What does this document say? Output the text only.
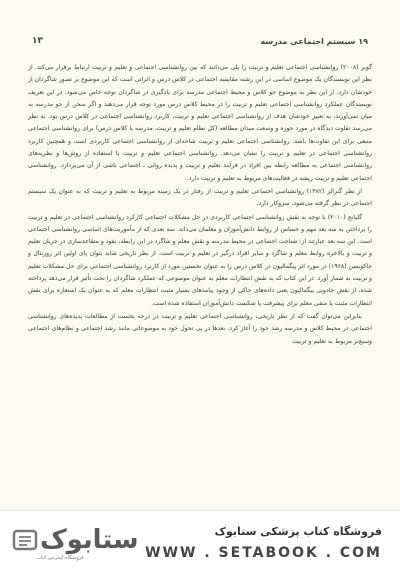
۱۹ سیستم اجتماعی مدرسه
۱۳

گوبر (۲۰۰۸) روانشناسی اجتماعی تعلیم و تربیت را پلی می‌دانند که بین روانشناسی اجتماعی و تعلیم و تربیت ارتباط برقرار می‌کند. از نظر این نویسندگان یک موضوع اساسی در این رشته مقایسه اجتماعی در کلاس درس و اثراتی است که این موضوع بر تصور شاگردان از خودشان دارد. از این نظر به موضوع جو کلاس و محیط اجتماعی مدرسه برای یادگیری در شاگردان توجه خاص می‌شود. در این تعریف نویسندگان عملکرد روانشناسی اجتماعی تعلیم و تربیت را در محیط کلاس درس مورد توجه قرار می‌دهند و اگر سخن از جو مدرسه به میان نمی‌آورند، به تعبیر خودشان هدف از روانشناسی اجتماعی تعلیم و تربیت، کاربرد روانشناسی اجتماعی در کلاس درس بود. به نظر می‌رسد تفاوت دیدگاه در مورد حوزه و وسعت میدان مطالعه (کل نظام تعلیم و تربیت، مدرسه یا کلاس درس) برای روانشناسی اجتماعی منبعی برای این تفاوت‌ها باشد. روانشناسی اجتماعی تعلیم و تربیت شاخه‌ای از روانشناسی اجتماعی کاربردی است و همچنین کاربرد روانشناسی اجتماعی در تعلیم و تربیت را نشان می‌دهد. روانشناسی اجتماعی تعلیم و تربیت با استفاده از روش‌ها و نظریه‌های روانشناسی اجتماعی به مطالعه رابطه بین افراد در فرآیند تعلیم و تربیت و پدیده روانی ـ اجتماعی ناشی از آن می‌پردازد. روانشناسی اجتماعی تعلیم و تربیت ریشه در فعالیت‌های مربوط به تعلیم و تربیت دارد.

از نظر گنزالز (۱۳۸۲) روانشناسی اجتماعی تعلیم و تربیت از رفتار در یک زمینه مربوط به تعلیم و تربیت که به عنوان یک سیستم اجتماعی در نظر گرفته می‌شود، سروکار دارد.

گلیانج (۲۰۱۰) با توجه به نقش روانشناسی اجتماعی کاربردی در حل مشکلات اجتماعی کارکرد روانشناسی اجتماعی در تعلیم و تربیت را پرداختن به سه بعد مهم و حساس از روابط دانش‌آموزان و معلمان می‌داند. سه بعدی که از مأموریت‌های اساسی روانشناسی اجتماعی است. این سه بعد عبارتند از: شناخت اجتماعی در محیط مدرسه و نقش معلم و شاگرد در این رابطه، نفوذ و متقاعدسازی در جریان تعلیم و تربیت و بالاخره روابط معلم و شاگرد و سایر افراد درگیر در تعلیم و تربیت است. از نظر تاریخی شاید بتوان پای اولین اثر روزنتال و جاکوبسن (۱۹۶۸) در مورد اثر پیگمالیون در کلاس درس را به عنوان نخستین مورد از کاربرد روانشناسی اجتماعی برای حل مشکلات تعلیم و تربیت به شمار آورد. در این کتاب که به نقش انتظارات معلم به عنوان موضوعی که عملکرد شاگردان را تحت تأثیر قرار می‌دهد پرداخته شده، از نقش جادویی پیگمالیون یعنی داده‌های حاکی از وجود پیامدهای بسیار مثبت انتظارات معلم که به عنوان یک استعاره برای نقش انتظارات مثبت یا منفی معلم برای پیشرفت یا شکست دانش‌آموزان استفاده شده است.

بنابراین می‌توان گفت که از نظر تاریخی، روانشناسی اجتماعی تعلیم و تربیت در درجه نخست از مطالعات پدیده‌های روانشناسی اجتماعی در محیط کلاس و مدرسه رشد خود را آغاز کرد. بعدها در پی تحول خود به موضوعاتی مانند رشد اجتماعی و نظام‌های اجتماعی وسیع‌تر مربوط به تعلیم و تربیت

ستابوک
فروشگاه اینترنتی کتاب
فروشگاه کتاب پزشکی ستابوک
WWW . SETABOOK . COM
